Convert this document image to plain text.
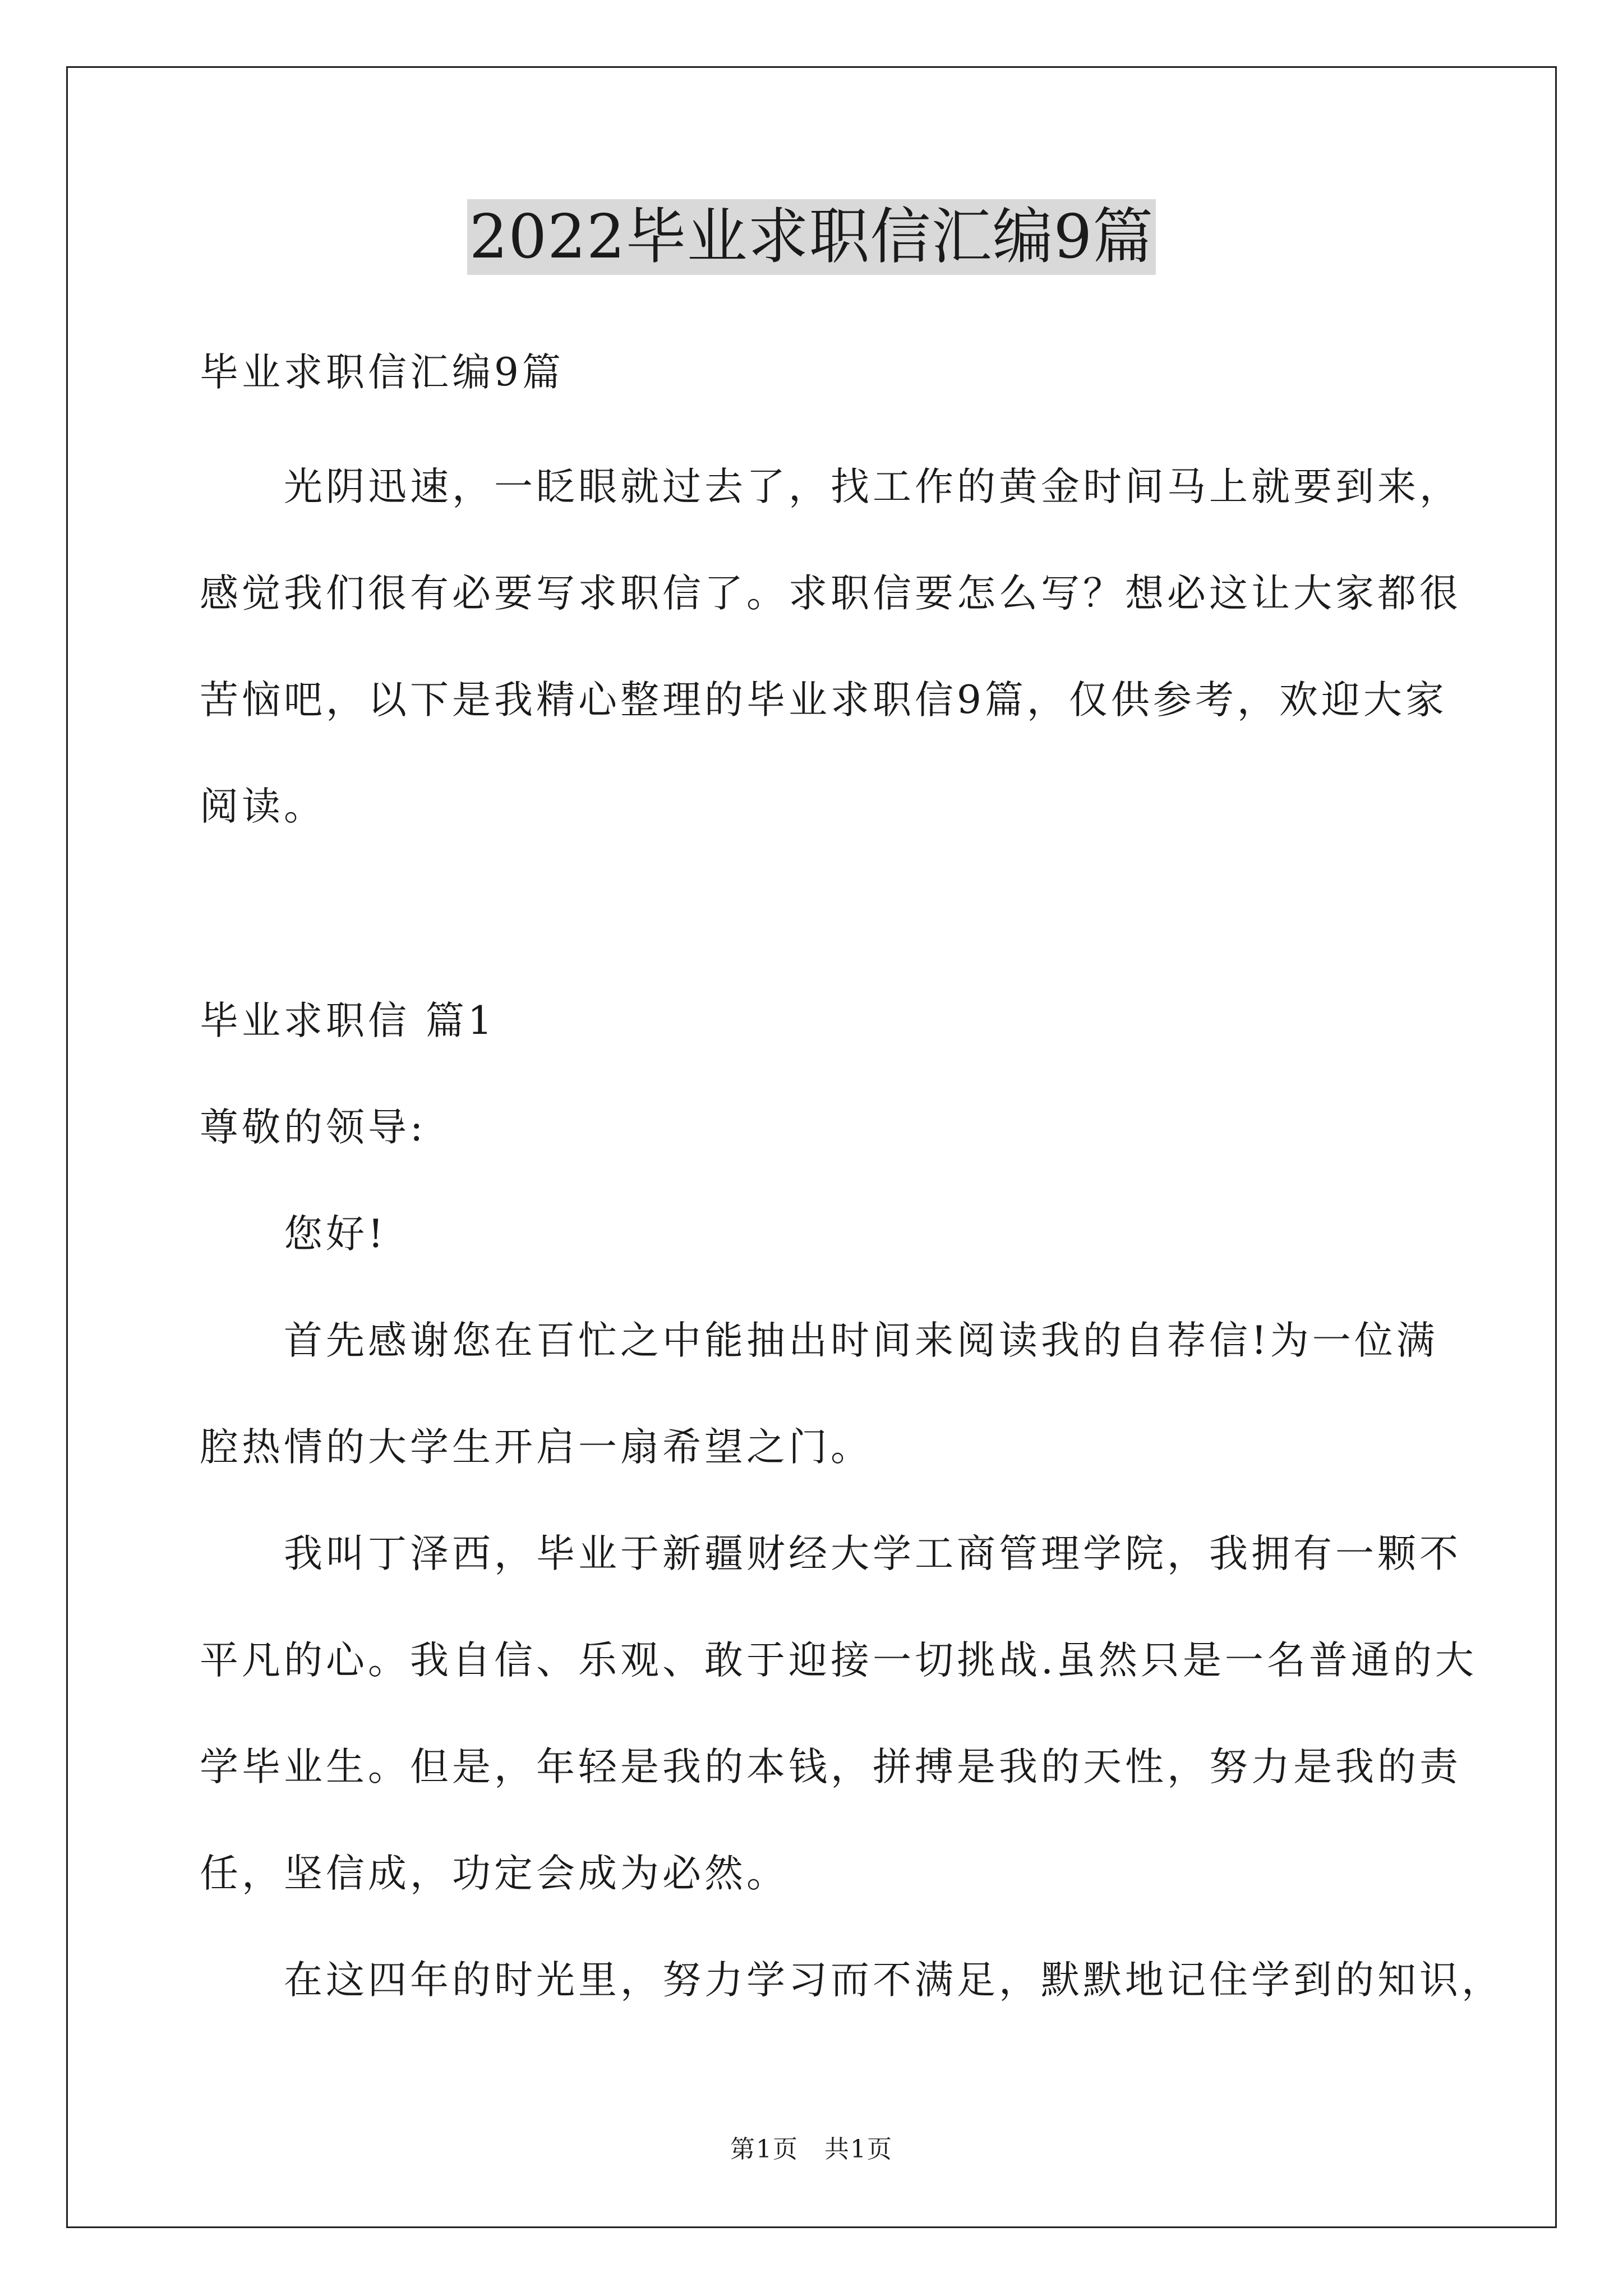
2022毕业求职信汇编9篇
毕业求职信汇编9篇
　　光阴迅速，一眨眼就过去了，找工作的黄金时间马上就要到来，
感觉我们很有必要写求职信了。求职信要怎么写？想必这让大家都很
苦恼吧，以下是我精心整理的毕业求职信9篇，仅供参考，欢迎大家
阅读。
毕业求职信 篇1
尊敬的领导:
　　您好!
　　首先感谢您在百忙之中能抽出时间来阅读我的自荐信!为一位满
腔热情的大学生开启一扇希望之门。
　　我叫丁泽西，毕业于新疆财经大学工商管理学院，我拥有一颗不
平凡的心。我自信、乐观、敢于迎接一切挑战.虽然只是一名普通的大
学毕业生。但是，年轻是我的本钱，拼搏是我的天性，努力是我的责
任，坚信成，功定会成为必然。
　　在这四年的时光里，努力学习而不满足，默默地记住学到的知识，
第1页　共1页
